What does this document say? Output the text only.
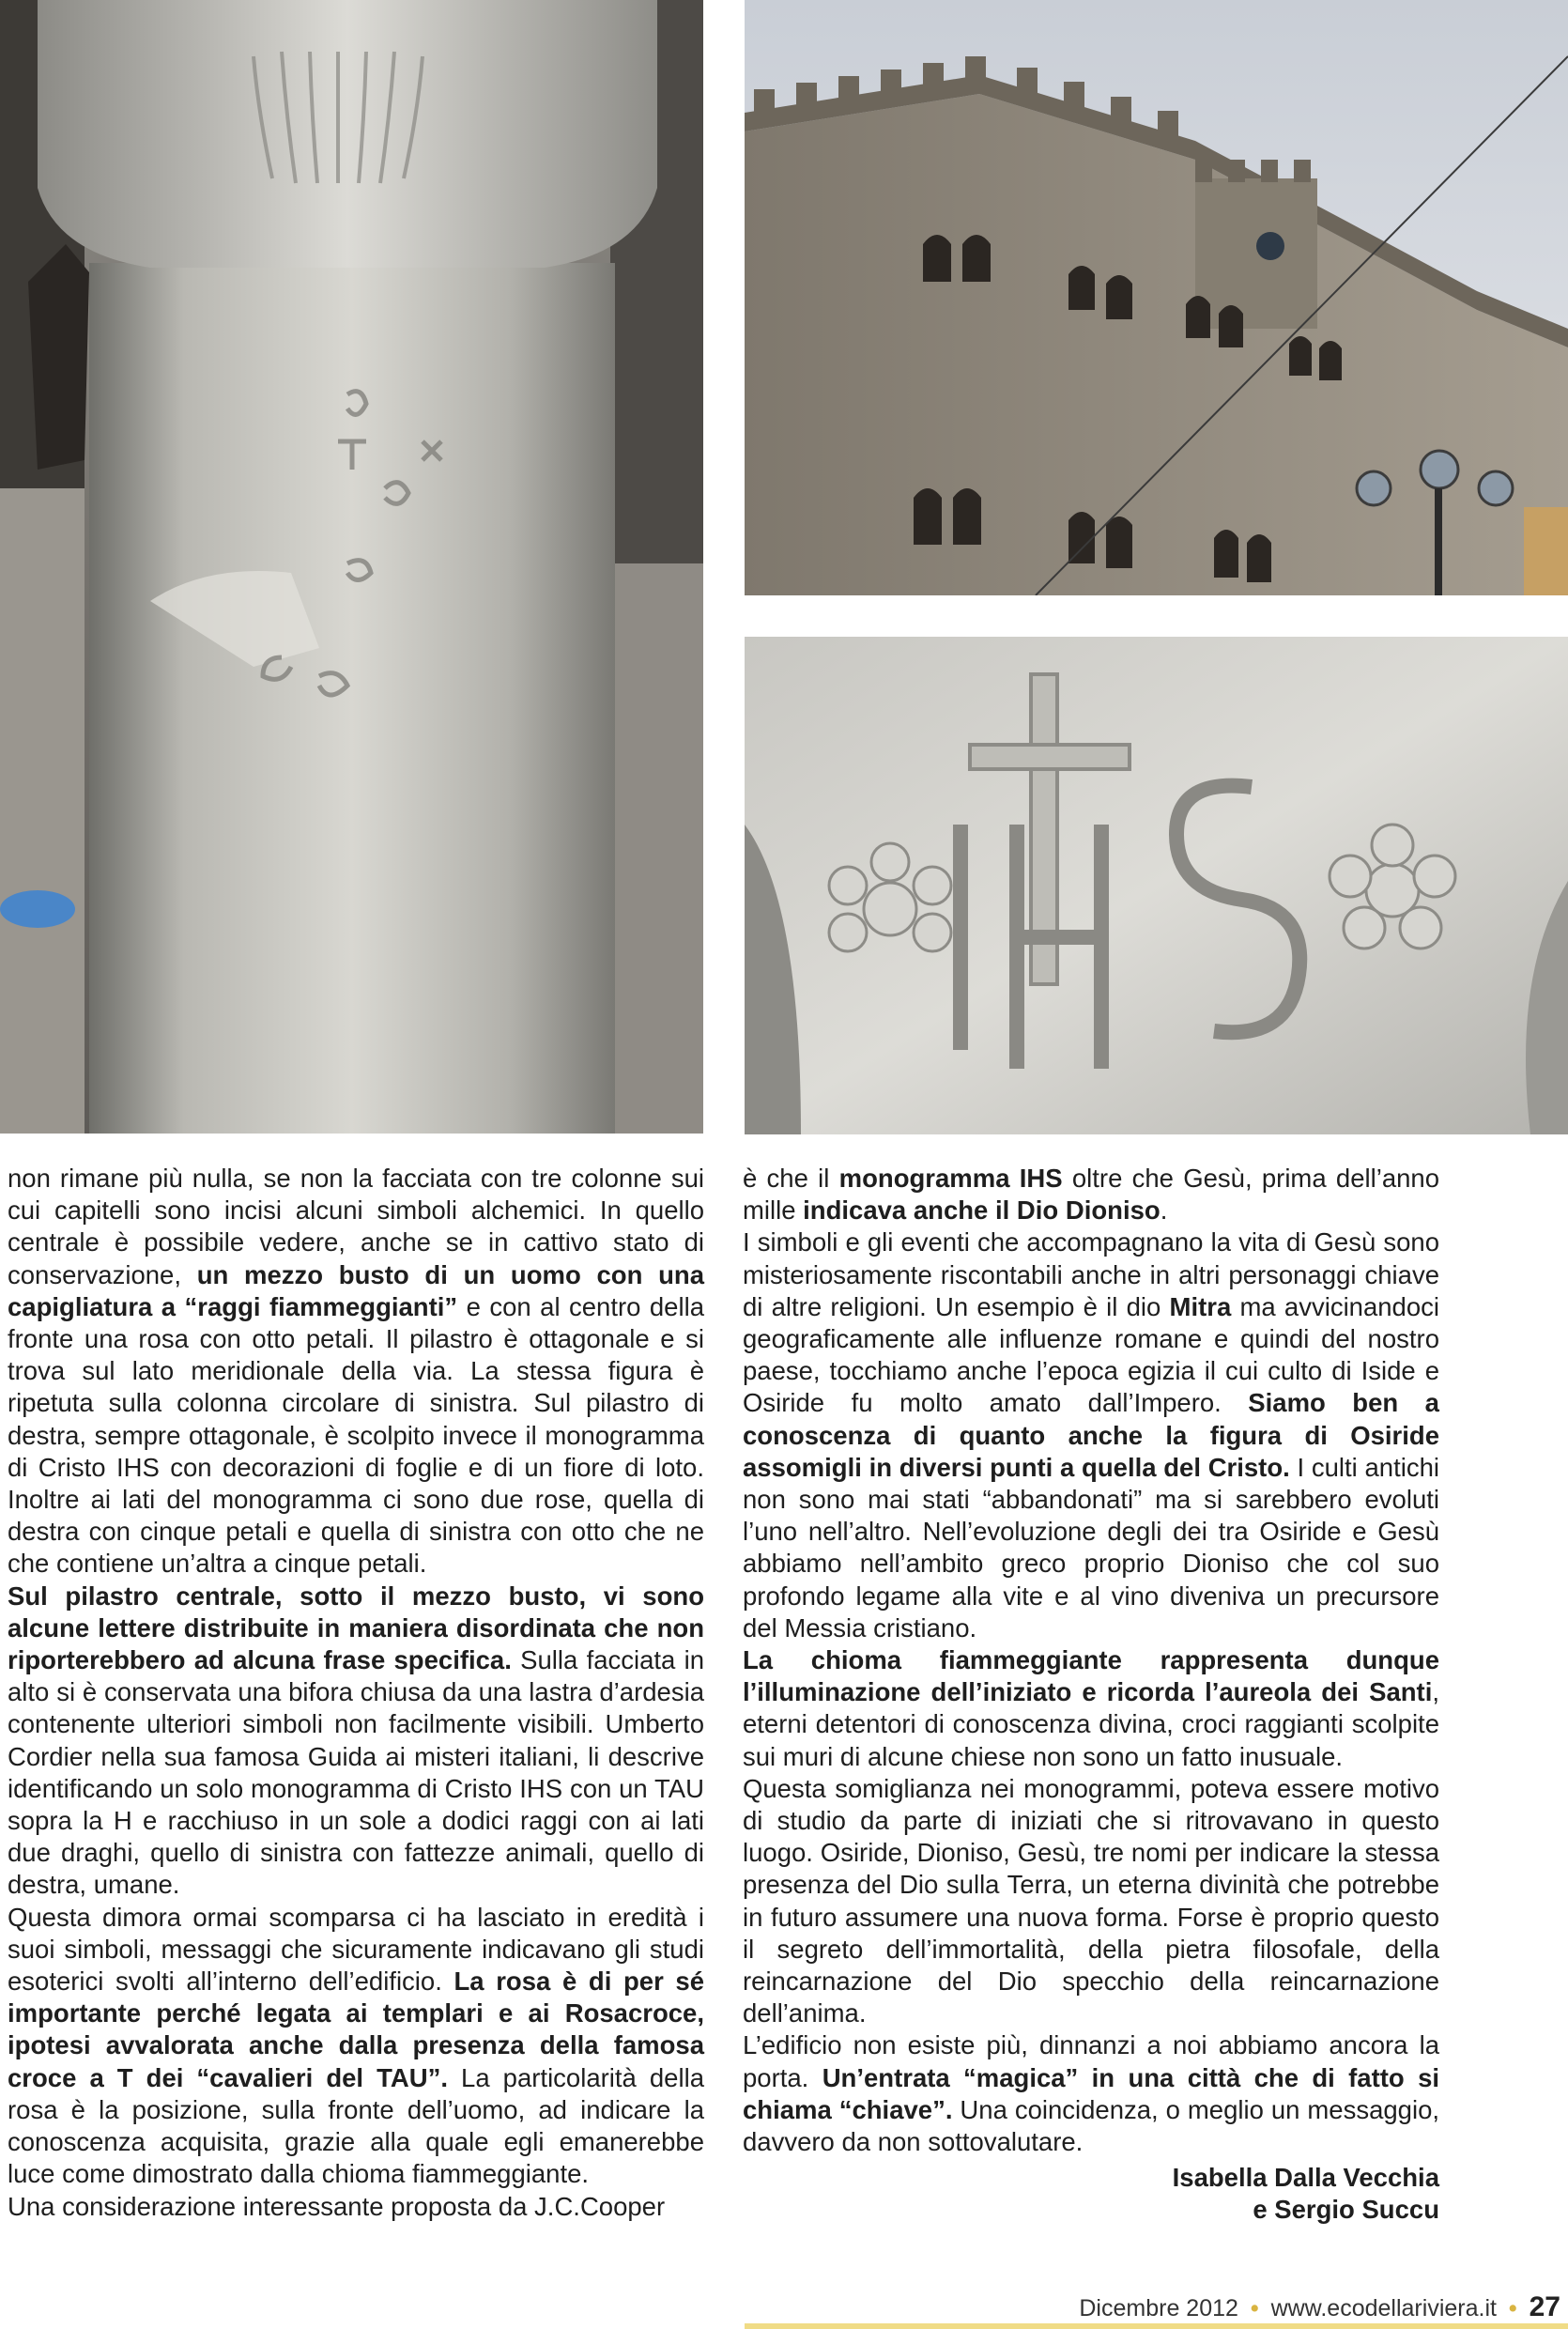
non rimane più nulla, se non la facciata con tre colonne sui cui capitelli sono incisi alcuni simboli alchemici. In quello centrale è possibile vedere, anche se in cattivo stato di conservazione, un mezzo busto di un uomo con una capigliatura a “raggi fiammeggianti” e con al centro della fronte una rosa con otto petali. Il pilastro è ottagonale e si trova sul lato meridionale della via. La stessa figura è ripetuta sulla colonna circolare di sinistra. Sul pilastro di destra, sempre ottagonale, è scolpito invece il monogramma di Cristo IHS con decorazioni di foglie e di un fiore di loto. Inoltre ai lati del monogramma ci sono due rose, quella di destra con cinque petali e quella di sinistra con otto che ne che contiene un’altra a cinque petali.

Sul pilastro centrale, sotto il mezzo busto, vi sono alcune lettere distribuite in maniera disordinata che non riporterebbero ad alcuna frase specifica. Sulla facciata in alto si è conservata una bifora chiusa da una lastra d’ardesia contenente ulteriori simboli non facilmente visibili. Umberto Cordier nella sua famosa Guida ai misteri italiani, li descrive identificando un solo monogramma di Cristo IHS con un TAU sopra la H e racchiuso in un sole a dodici raggi con ai lati due draghi, quello di sinistra con fattezze animali, quello di destra, umane.

Questa dimora ormai scomparsa ci ha lasciato in eredità i suoi simboli, messaggi che sicuramente indicavano gli studi esoterici svolti all’interno dell’edificio. La rosa è di per sé importante perché legata ai templari e ai Rosacroce, ipotesi avvalorata anche dalla presenza della famosa croce a T dei “cavalieri del TAU”. La particolarità della rosa è la posizione, sulla fronte dell’uomo, ad indicare la conoscenza acquisita, grazie alla quale egli emanerebbe luce come dimostrato dalla chioma fiammeggiante.

Una considerazione interessante proposta da J.C.Cooper

è che il monogramma IHS oltre che Gesù, prima dell’anno mille indicava anche il Dio Dioniso.

I simboli e gli eventi che accompagnano la vita di Gesù sono misteriosamente riscontabili anche in altri personaggi chiave di altre religioni. Un esempio è il dio Mitra ma avvicinandoci geograficamente alle influenze romane e quindi del nostro paese, tocchiamo anche l’epoca egizia il cui culto di Iside e Osiride fu molto amato dall’Impero. Siamo ben a conoscenza di quanto anche la figura di Osiride assomigli in diversi punti a quella del Cristo. I culti antichi non sono mai stati “abbandonati” ma si sarebbero evoluti l’uno nell’altro. Nell’evoluzione degli dei tra Osiride e Gesù abbiamo nell’ambito greco proprio Dioniso che col suo profondo legame alla vite e al vino diveniva un precursore del Messia cristiano.

La chioma fiammeggiante rappresenta dunque l’illuminazione dell’iniziato e ricorda l’aureola dei Santi, eterni detentori di conoscenza divina, croci raggianti scolpite sui muri di alcune chiese non sono un fatto inusuale.

Questa somiglianza nei monogrammi, poteva essere motivo di studio da parte di iniziati che si ritrovavano in questo luogo. Osiride, Dioniso, Gesù, tre nomi per indicare la stessa presenza del Dio sulla Terra, un eterna divinità che potrebbe in futuro assumere una nuova forma. Forse è proprio questo il segreto dell’immortalità, della pietra filosofale, della reincarnazione del Dio specchio della reincarnazione dell’anima.

L’edificio non esiste più, dinnanzi a noi abbiamo ancora la porta. Un’entrata “magica” in una città che di fatto si chiama “chiave”. Una coincidenza, o meglio un messaggio, davvero da non sottovalutare.

Isabella Dalla Vecchia
e Sergio Succu
Dicembre 2012 • www.ecodellariviera.it • 27
